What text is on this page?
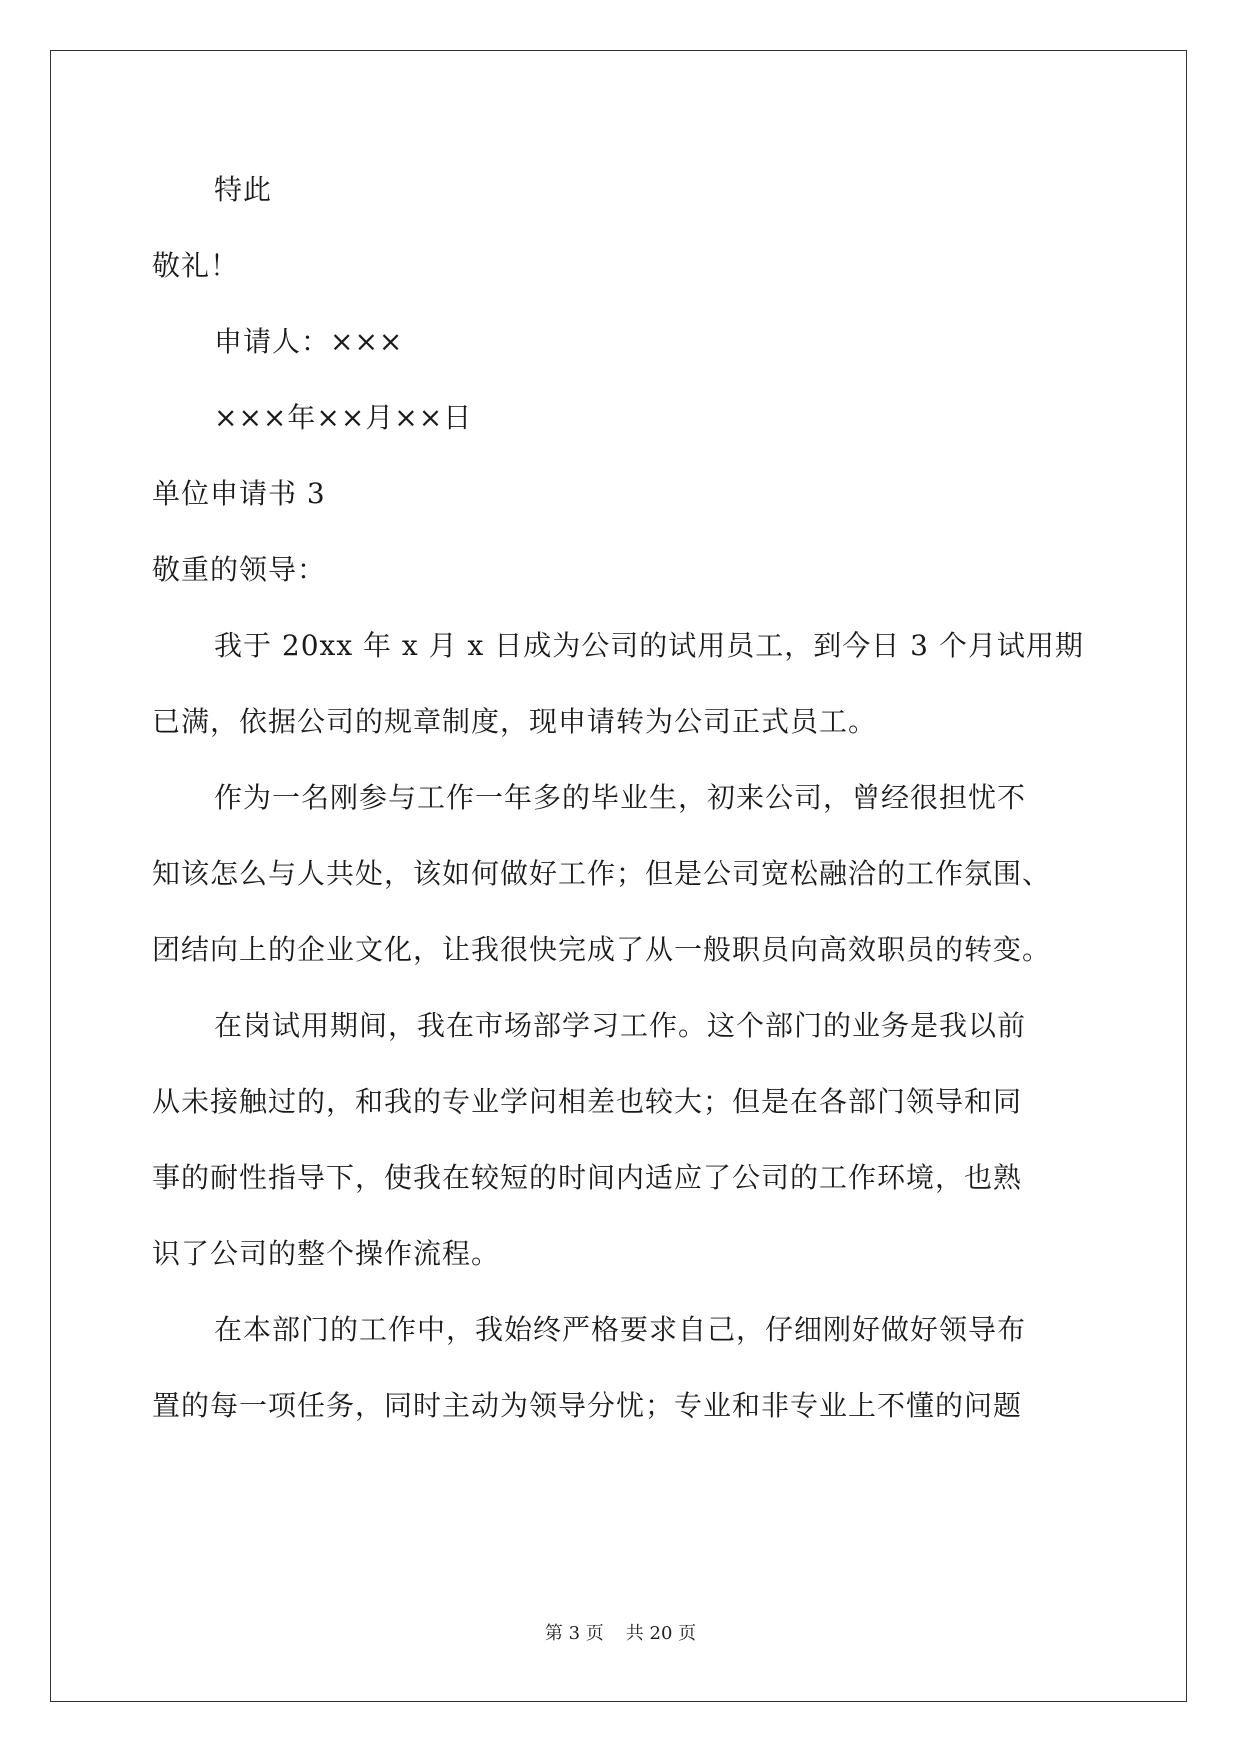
特此
敬礼！
申请人：×××
×××年××月××日
单位申请书 3
敬重的领导：
我于 20xx 年 x 月 x 日成为公司的试用员工，到今日 3 个月试用期
已满，依据公司的规章制度，现申请转为公司正式员工。
作为一名刚参与工作一年多的毕业生，初来公司，曾经很担忧不
知该怎么与人共处，该如何做好工作；但是公司宽松融洽的工作氛围、
团结向上的企业文化，让我很快完成了从一般职员向高效职员的转变。
在岗试用期间，我在市场部学习工作。这个部门的业务是我以前
从未接触过的，和我的专业学问相差也较大；但是在各部门领导和同
事的耐性指导下，使我在较短的时间内适应了公司的工作环境，也熟
识了公司的整个操作流程。
在本部门的工作中，我始终严格要求自己，仔细刚好做好领导布
置的每一项任务，同时主动为领导分忧；专业和非专业上不懂的问题
第 3 页 共 20 页
